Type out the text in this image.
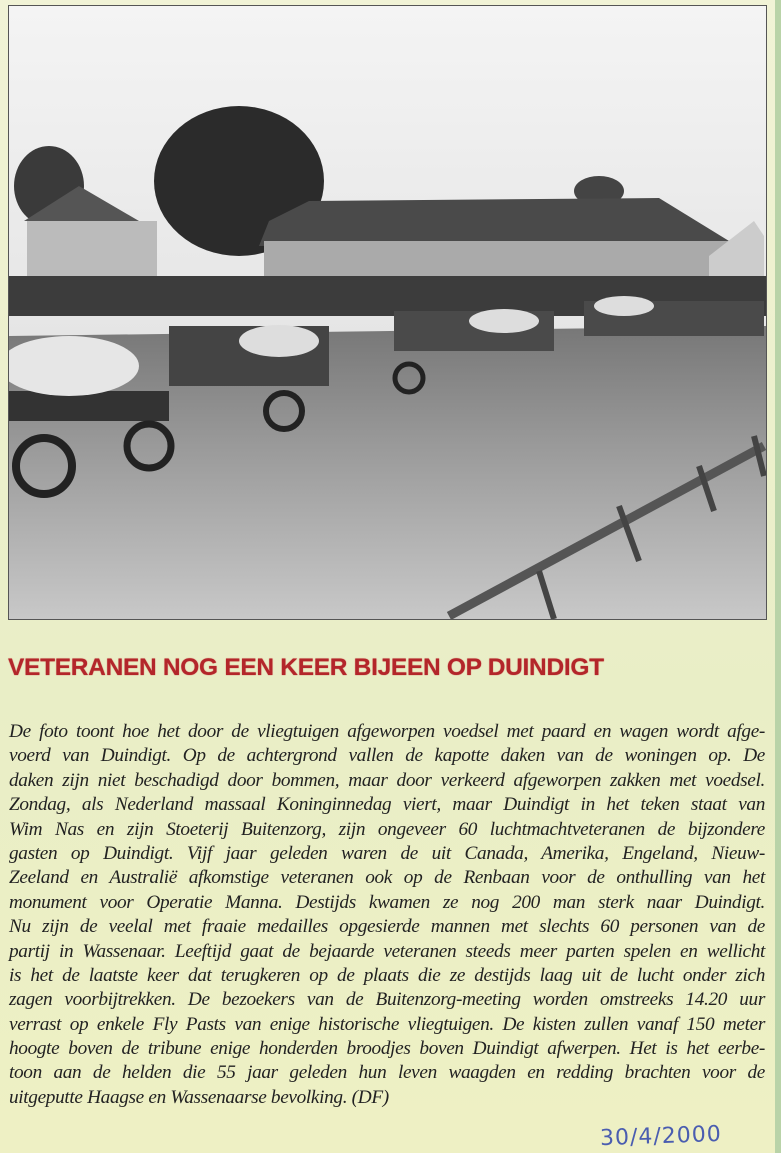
VETERANEN NOG EEN KEER BIJEEN OP DUINDIGT
De foto toont hoe het door de vliegtuigen afgeworpen voedsel met paard en wagen wordt afge-
voerd van Duindigt. Op de achtergrond vallen de kapotte daken van de woningen op. De
daken zijn niet beschadigd door bommen, maar door verkeerd afgeworpen zakken met voedsel.
Zondag, als Nederland massaal Koninginnedag viert, maar Duindigt in het teken staat van
Wim Nas en zijn Stoeterij Buitenzorg, zijn ongeveer 60 luchtmachtveteranen de bijzondere
gasten op Duindigt. Vijf jaar geleden waren de uit Canada, Amerika, Engeland, Nieuw-
Zeeland en Australië afkomstige veteranen ook op de Renbaan voor de onthulling van het
monument voor Operatie Manna. Destijds kwamen ze nog 200 man sterk naar Duindigt.
Nu zijn de veelal met fraaie medailles opgesierde mannen met slechts 60 personen van de
partij in Wassenaar. Leeftijd gaat de bejaarde veteranen steeds meer parten spelen en wellicht
is het de laatste keer dat terugkeren op de plaats die ze destijds laag uit de lucht onder zich
zagen voorbijtrekken. De bezoekers van de Buitenzorg-meeting worden omstreeks 14.20 uur
verrast op enkele Fly Pasts van enige historische vliegtuigen. De kisten zullen vanaf 150 meter
hoogte boven de tribune enige honderden broodjes boven Duindigt afwerpen. Het is het eerbe-
toon aan de helden die 55 jaar geleden hun leven waagden en redding brachten voor de
uitgeputte Haagse en Wassenaarse bevolking. (DF)
30/4/2000
